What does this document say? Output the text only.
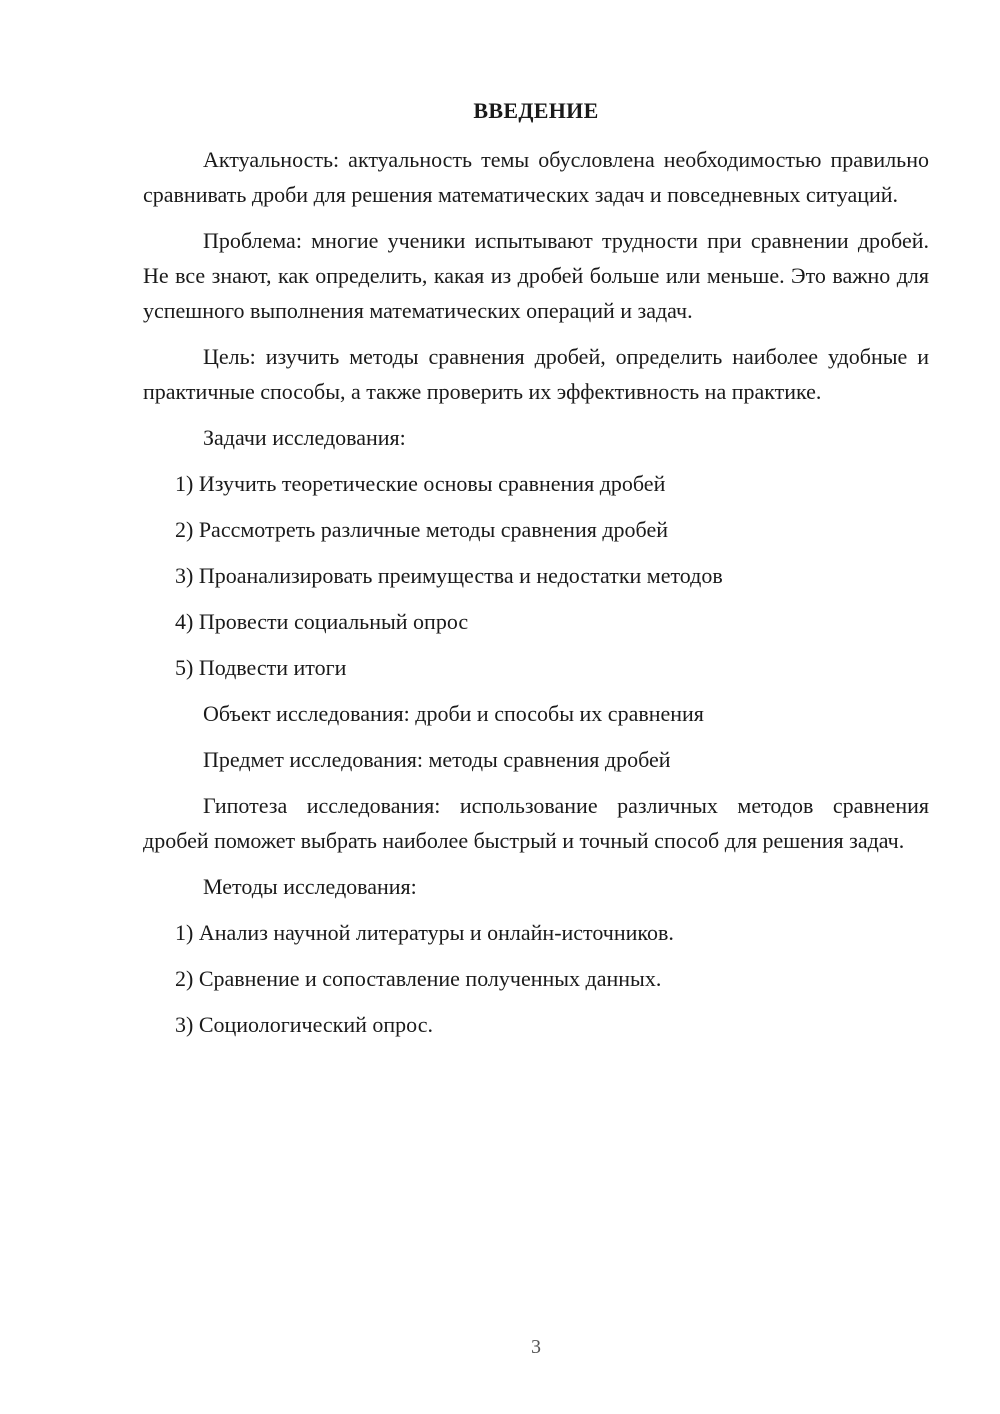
ВВЕДЕНИЕ

Актуальность: актуальность темы обусловлена необходимостью правильно сравнивать дроби для решения математических задач и повседневных ситуаций.

Проблема: многие ученики испытывают трудности при сравнении дробей. Не все знают, как определить, какая из дробей больше или меньше. Это важно для успешного выполнения математических операций и задач.

Цель: изучить методы сравнения дробей, определить наиболее удобные и практичные способы, а также проверить их эффективность на практике.

Задачи исследования:

1) Изучить теоретические основы сравнения дробей

2) Рассмотреть различные методы сравнения дробей

3) Проанализировать преимущества и недостатки методов

4) Провести социальный опрос

5) Подвести итоги

Объект исследования: дроби и способы их сравнения

Предмет исследования: методы сравнения дробей

Гипотеза исследования: использование различных методов сравнения дробей поможет выбрать наиболее быстрый и точный способ для решения задач.

Методы исследования:

1) Анализ научной литературы и онлайн-источников.

2) Сравнение и сопоставление полученных данных.

3) Социологический опрос.

3
